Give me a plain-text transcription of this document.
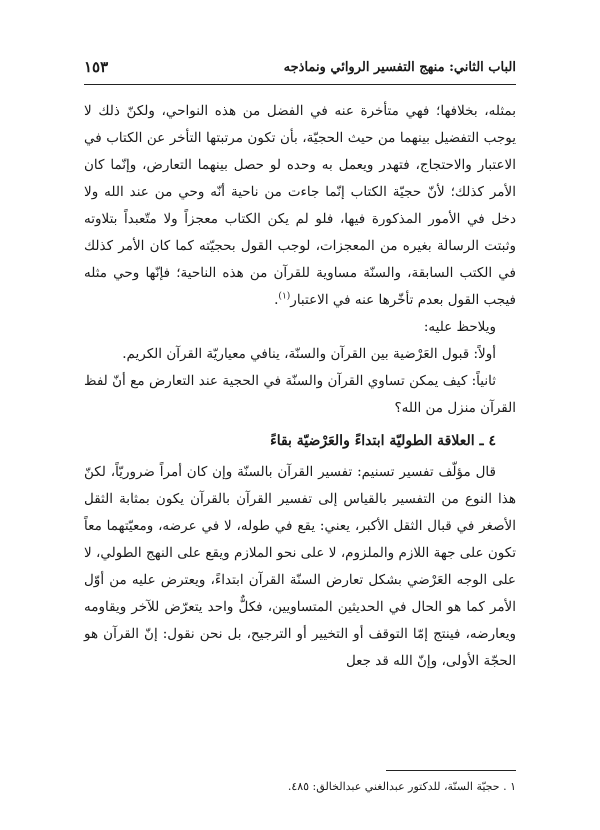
الباب الثاني: منهج التفسير الروائي ونماذجه
١٥٣

بمثله، بخلافها؛ فهي متأخرة عنه في الفضل من هذه النواحي، ولكنّ ذلك لا يوجب التفضيل بينهما من حيث الحجيّة، بأن تكون مرتبتها التأخر عن الكتاب في الاعتبار والاحتجاج، فتهدر ويعمل به وحده لو حصل بينهما التعارض، وإنّما كان الأمر كذلك؛ لأنّ حجيّة الكتاب إنّما جاءت من ناحية أنّه وحي من عند الله ولا دخل في الأمور المذكورة فيها، فلو لم يكن الكتاب معجزاً ولا متّعبداً بتلاوته وثبتت الرسالة بغيره من المعجزات، لوجب القول بحجيّته كما كان الأمر كذلك في الكتب السابقة، والسنّة مساوية للقرآن من هذه الناحية؛ فإنّها وحي مثله فيجب القول بعدم تأخّرها عنه في الاعتبار$^{(١)}$.

ويلاحظ عليه:

أولاً: قبول العَرْضية بين القرآن والسنّة، ينافي معياريّة القرآن الكريم.

ثانياً: كيف يمكن تساوي القرآن والسنّة في الحجية عند التعارض مع أنّ لفظ القرآن منزل من الله؟

٤ ـ العلاقة الطوليّة ابتداءً والعَرْضيّة بقاءً

قال مؤلّف تفسير تسنيم: تفسير القرآن بالسنّة وإن كان أمراً ضروريّاً، لكنّ هذا النوع من التفسير بالقياس إلى تفسير القرآن بالقرآن يكون بمثابة الثقل الأصغر في قبال الثقل الأكبر، يعني: يقع في طوله، لا في عرضه، ومعيّتهما معاً تكون على جهة اللازم والملزوم، لا على نحو الملازم ويقع على النهج الطولي، لا على الوجه العَرْضي بشكل تعارض السنّة القرآن ابتداءً، ويعترض عليه من أوّل الأمر كما هو الحال في الحديثين المتساويين، فكلٌّ واحد يتعرّض للآخر ويقاومه ويعارضه، فينتج إمّا التوقف أو التخيير أو الترجيح، بل نحن نقول: إنّ القرآن هو الحجّة الأولى، وإنّ الله قد جعل

١ . حجيّة السنّة، للدكتور عبدالغني عبدالخالق: ٤٨٥.
